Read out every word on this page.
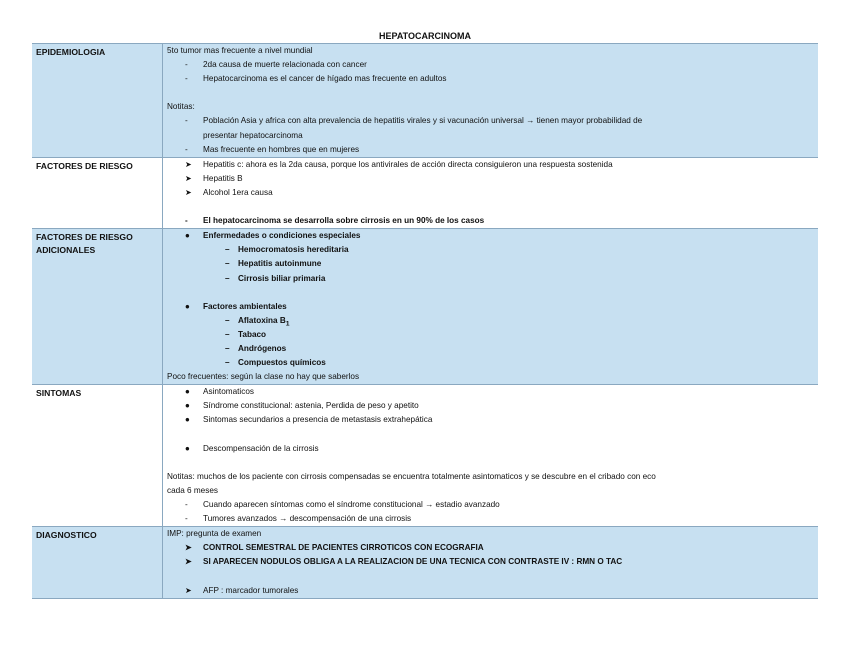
HEPATOCARCINOMA
EPIDEMIOLOGIA	5to tumor mas frecuente a nivel mundial
- 2da causa de muerte relacionada con cancer
- Hepatocarcinoma es el cancer de hígado mas frecuente en adultos
Notitas:
- Población Asia y africa con alta prevalencia de hepatitis virales y si vacunación universal → tienen mayor probabilidad de
presentar hepatocarcinoma
- Mas frecuente en hombres que en mujeres
FACTORES DE RIESGO	➤ Hepatitis c: ahora es la 2da causa, porque los antivirales de acción directa consiguieron una respuesta sostenida
➤ Hepatitis B
➤ Alcohol 1era causa
- El hepatocarcinoma se desarrolla sobre cirrosis en un 90% de los casos
FACTORES DE RIESGO ADICIONALES
● Enfermedades o condiciones especiales
– Hemocromatosis hereditaria
– Hepatitis autoinmune
– Cirrosis biliar primaria
● Factores ambientales
– Aflatoxina $B_1$
– Tabaco
– Andrógenos
– Compuestos químicos
Poco frecuentes: según la clase no hay que saberlos
SINTOMAS	● Asintomaticos
● Síndrome constitucional: astenia, Perdida de peso y apetito
● Sintomas secundarios a presencia de metastasis extrahepática
● Descompensación de la cirrosis
Notitas: muchos de los paciente con cirrosis compensadas se encuentra totalmente asintomaticos y se descubre en el cribado con eco
cada 6 meses
- Cuando aparecen síntomas como el síndrome constitucional → estadio avanzado
- Tumores avanzados → descompensación de una cirrosis
DIAGNOSTICO	IMP: pregunta de examen
➤ CONTROL SEMESTRAL DE PACIENTES CIRROTICOS CON ECOGRAFIA
➤ SI APARECEN NODULOS OBLIGA A LA REALIZACION DE UNA TECNICA CON CONTRASTE IV : RMN O TAC
➤ AFP : marcador tumorales
